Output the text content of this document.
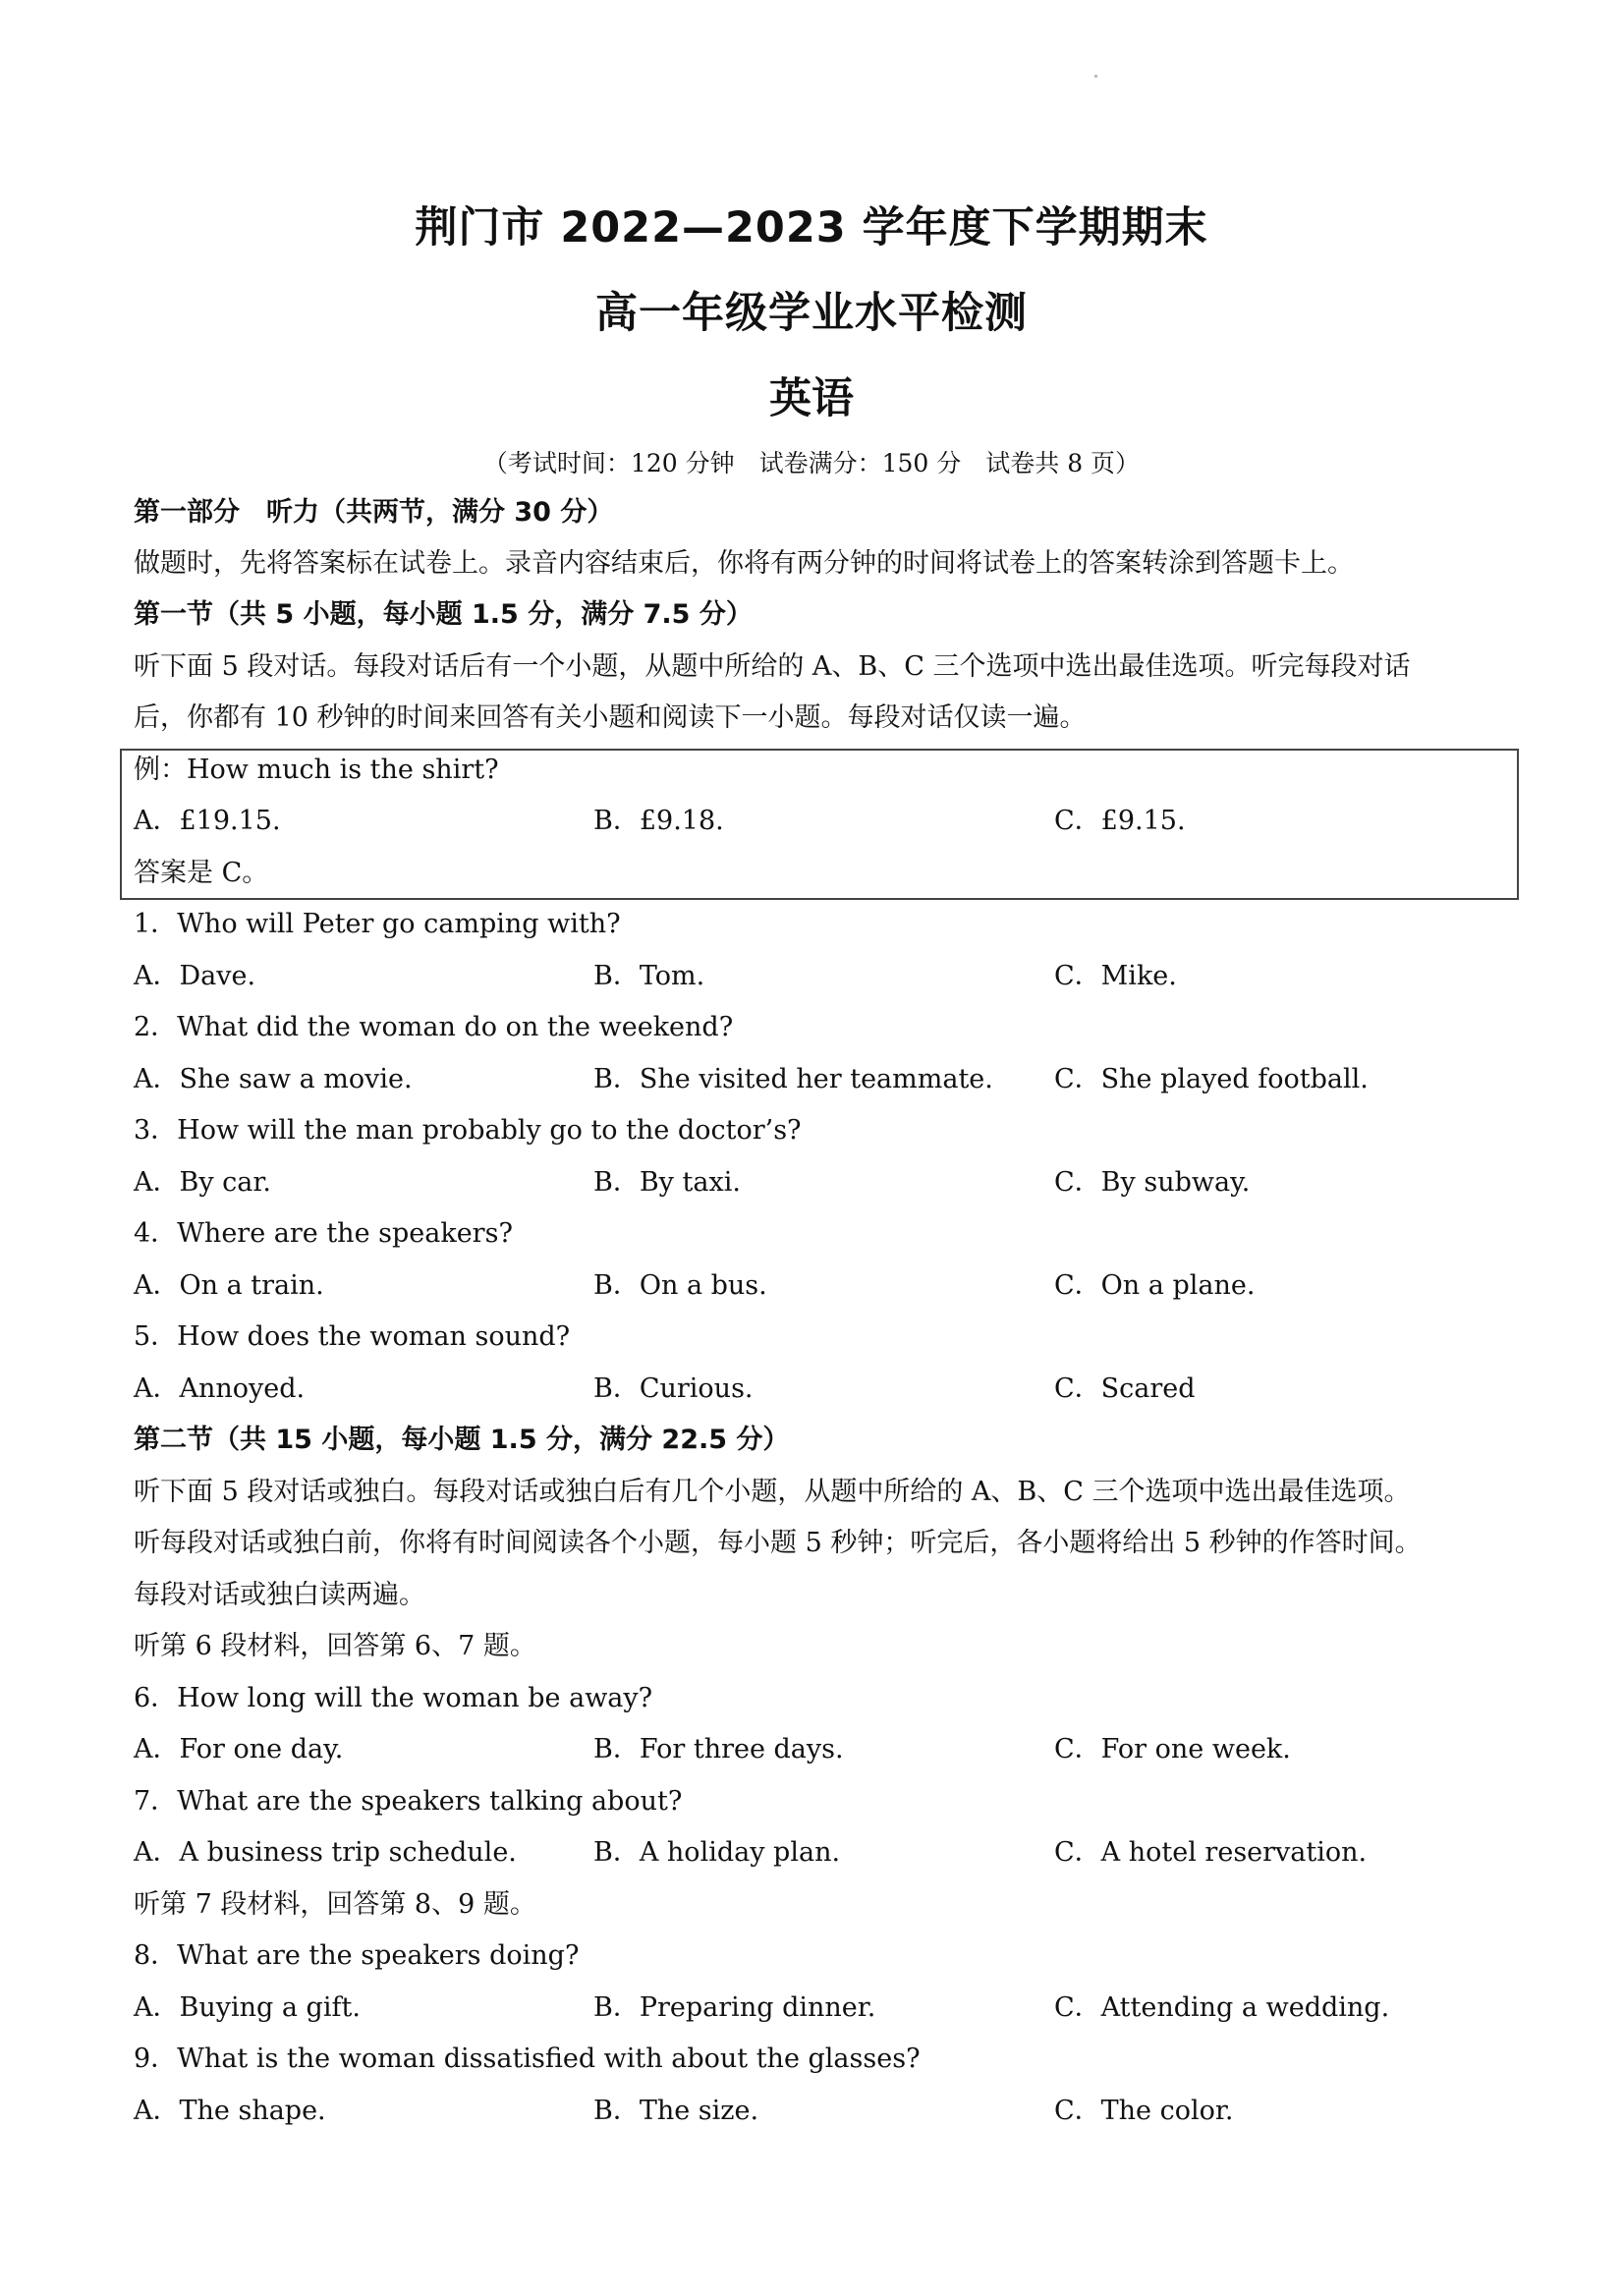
荆门市 2022—2023 学年度下学期期末
高一年级学业水平检测
英语
（考试时间：120 分钟　试卷满分：150 分　试卷共 8 页）
第一部分　听力（共两节，满分 30 分）
做题时，先将答案标在试卷上。录音内容结束后，你将有两分钟的时间将试卷上的答案转涂到答题卡上。
第一节（共 5 小题，每小题 1.5 分，满分 7.5 分）
听下面 5 段对话。每段对话后有一个小题，从题中所给的 A、B、C 三个选项中选出最佳选项。听完每段对话
后，你都有 10 秒钟的时间来回答有关小题和阅读下一小题。每段对话仅读一遍。
例：How much is the shirt?
A．£19.15.	B．£9.18.	C．£9.15.
答案是 C。
1．Who will Peter go camping with?
A．Dave.	B．Tom.	C．Mike.
2．What did the woman do on the weekend?
A．She saw a movie.	B．She visited her teammate. C．She played football.
3．How will the man probably go to the doctor’s?
A．By car.	B．By taxi.	C．By subway.
4．Where are the speakers?
A．On a train.	B．On a bus.	C．On a plane.
5．How does the woman sound?
A．Annoyed.	B．Curious.	C．Scared
第二节（共 15 小题，每小题 1.5 分，满分 22.5 分）
听下面 5 段对话或独白。每段对话或独白后有几个小题，从题中所给的 A、B、C 三个选项中选出最佳选项。
听每段对话或独白前，你将有时间阅读各个小题，每小题 5 秒钟；听完后，各小题将给出 5 秒钟的作答时间。
每段对话或独白读两遍。
听第 6 段材料，回答第 6、7 题。
6．How long will the woman be away?
A．For one day.	B．For three days.	C．For one week.
7．What are the speakers talking about?
A．A business trip schedule.	B．A holiday plan.	C．A hotel reservation.
听第 7 段材料，回答第 8、9 题。
8．What are the speakers doing?
A．Buying a gift.	B．Preparing dinner.	C．Attending a wedding.
9．What is the woman dissatisfied with about the glasses?
A．The shape.	B．The size.	C．The color.
